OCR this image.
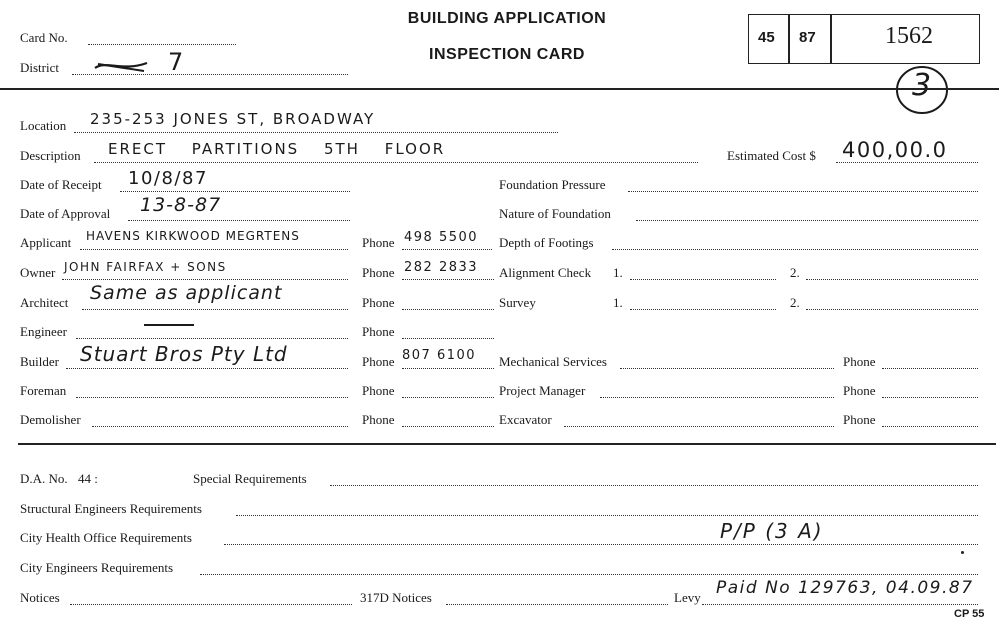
Card No.
District	7
BUILDING APPLICATION
INSPECTION CARD
45 87	1562
3
Location 235-253 JONES ST, BROADWAY
Description ERECT PARTITIONS 5TH FLOOR	Estimated Cost $ 400,00.0
Date of Receipt 10/8/87
Date of Approval 13-8-87
Applicant HAVENS KIRKWOOD MEGRTENS	Phone 498 5500
Owner JOHN FAIRFAX + SONS	Phone 282 2833
Architect Same as applicant	Phone
Engineer	Phone
Builder Stuart Bros Pty Ltd	Phone 807 6100
Foreman	Phone
Demolisher	Phone
Foundation Pressure
Nature of Foundation
Depth of Footings
Alignment Check 1.	2.
Survey	1.	2.
Mechanical Services	Phone
Project Manager	Phone
Excavator	Phone
D.A. No. 44 :	Special Requirements
Structural Engineers Requirements
City Health Office Requirements	P/P (3 A)
City Engineers Requirements
Notices	317D Notices	Levy Paid No 129763, 04.09.87
CP 55
